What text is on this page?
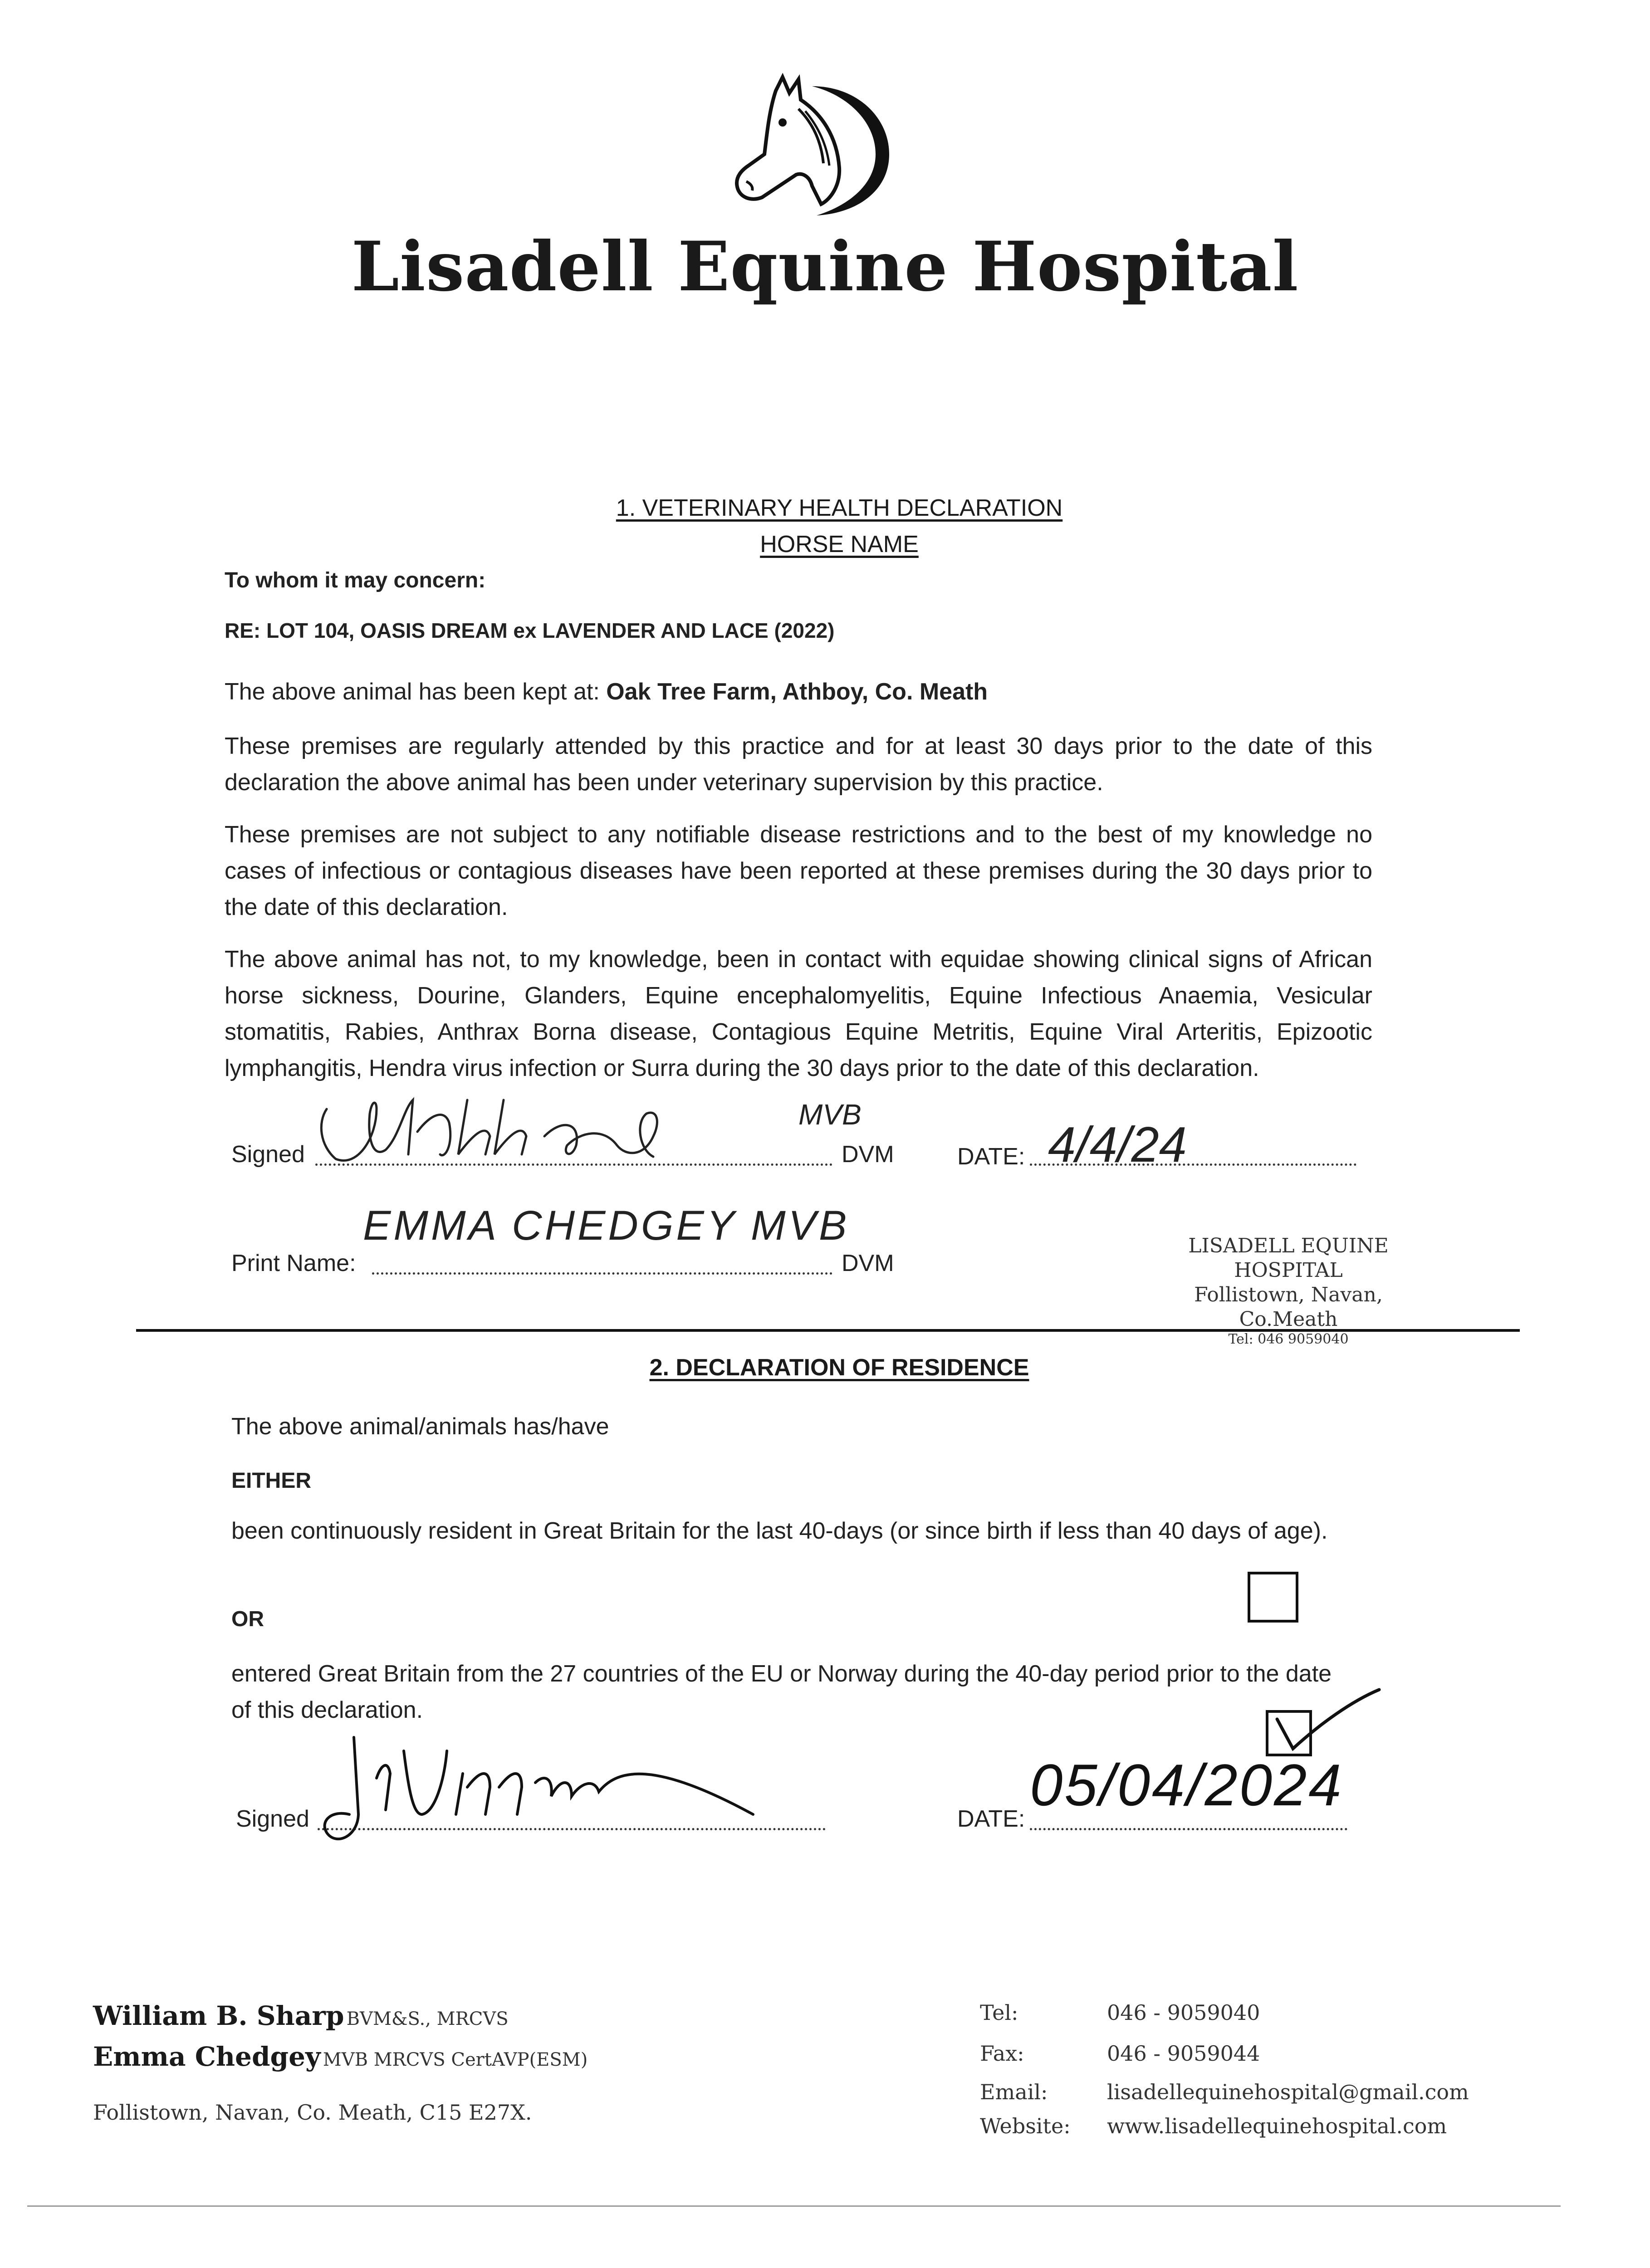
Lisadell Equine Hospital
1. VETERINARY HEALTH DECLARATION
HORSE NAME
To whom it may concern:
RE: LOT 104, OASIS DREAM ex LAVENDER AND LACE (2022)
The above animal has been kept at: Oak Tree Farm, Athboy, Co. Meath
These premises are regularly attended by this practice and for at least 30 days prior to the date of this declaration the above animal has been under veterinary supervision by this practice.
These premises are not subject to any notifiable disease restrictions and to the best of my knowledge no cases of infectious or contagious diseases have been reported at these premises during the 30 days prior to the date of this declaration.
The above animal has not, to my knowledge, been in contact with equidae showing clinical signs of African horse sickness, Dourine, Glanders, Equine encephalomyelitis, Equine Infectious Anaemia, Vesicular stomatitis, Rabies, Anthrax Borna disease, Contagious Equine Metritis, Equine Viral Arteritis, Epizootic lymphangitis, Hendra virus infection or Surra during the 30 days prior to the date of this declaration.
Signed	DVM	DATE:
MVB
4/4/24
Print Name:	DVM
EMMA CHEDGEY MVB	LISADELL EQUINE
HOSPITAL
Follistown, Navan, Co.Meath
Tel: 046 9059040
2. DECLARATION OF RESIDENCE
The above animal/animals has/have
EITHER
been continuously resident in Great Britain for the last 40-days (or since birth if less than 40 days of age).
OR
entered Great Britain from the 27 countries of the EU or Norway during the 40-day period prior to the date of this declaration.
Signed	DATE:
05/04/2024
William B. Sharp BVM&S., MRCVS
Emma Chedgey MVB MRCVS CertAVP(ESM)
Follistown, Navan, Co. Meath, C15 E27X.
Tel:	046 - 9059040
Fax:	046 - 9059044
Email:	lisadellequinehospital@gmail.com
Website: www.lisadellequinehospital.com
